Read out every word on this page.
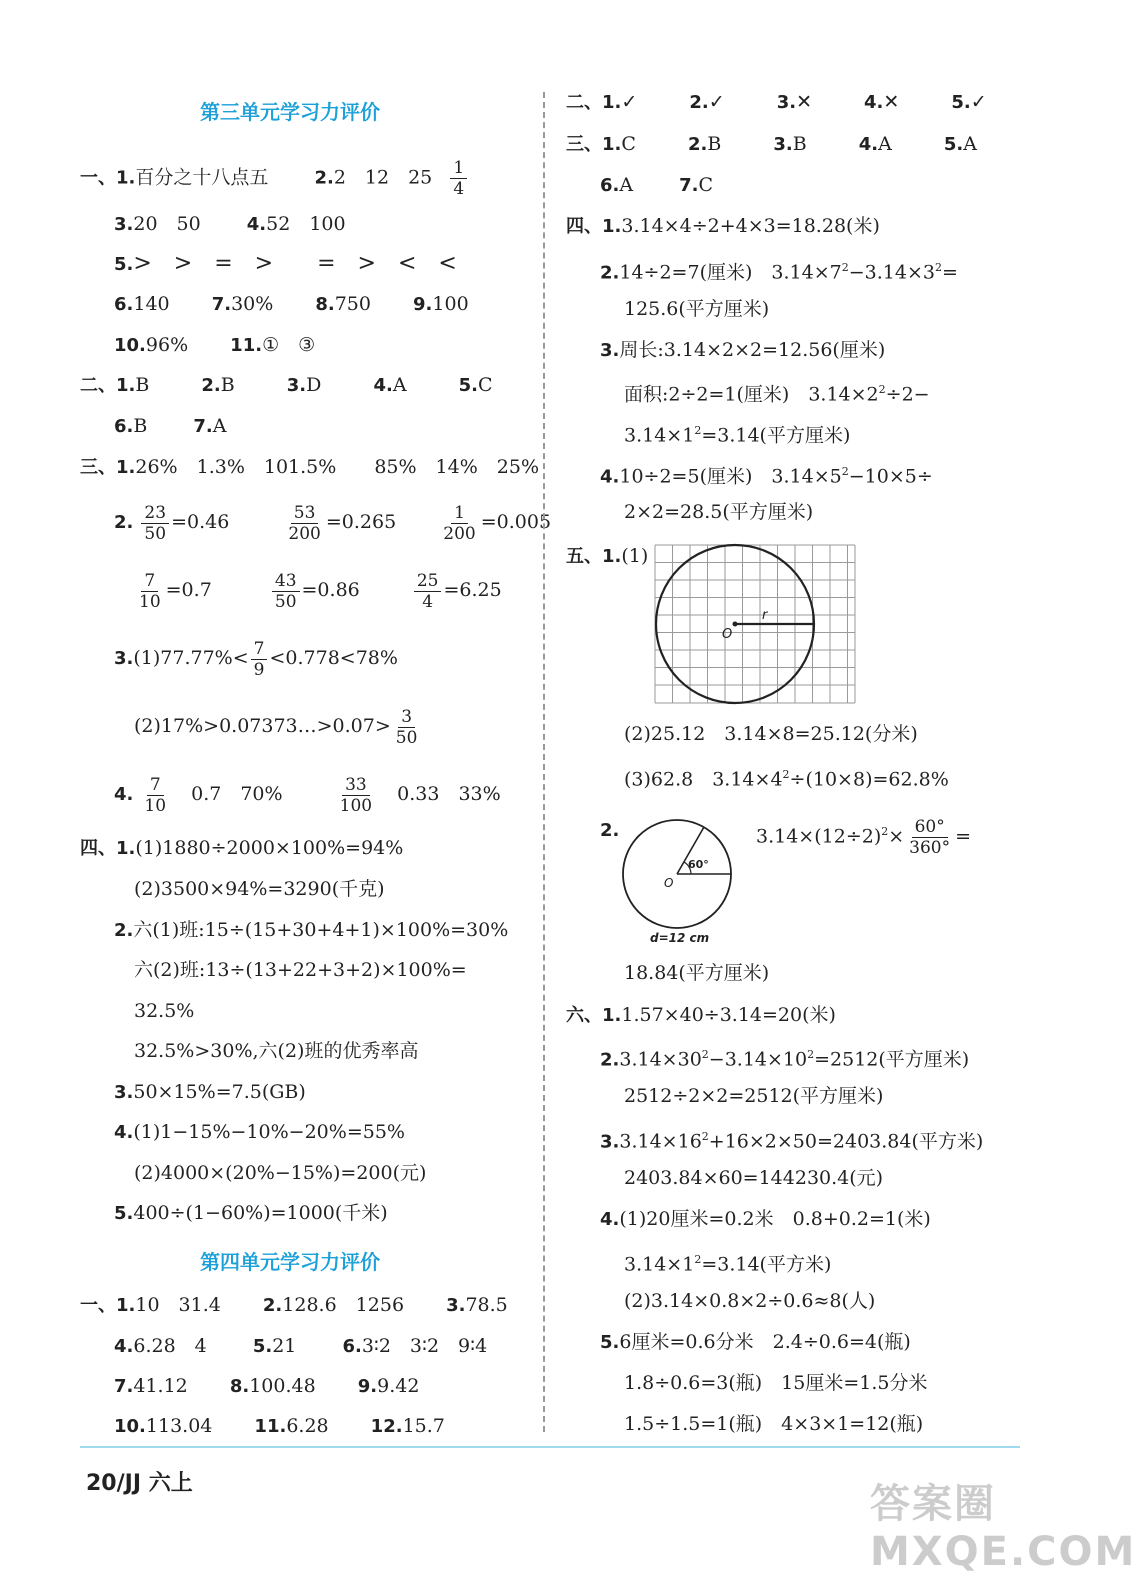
第三单元学习力评价
一、1.百分之十八点五	2.2　12　$25 \frac{1}{4}$
3.20　50	4.52　100
5.>　>　=　>　　=　>　<　<
6.140 7.30% 8.750 9.100
10.96% 11.①　③
二、1.B	2.B	3.D	4.A	5.C
6.B	7.A
三、1.26%　1.3%　101.5%　　85%　14%　25%
2. $\frac{23}{50} =0.46$	$\frac{53}{200} =0.265$	$\frac{1}{200} =0.005$
$\frac{7}{10} =0.7$	$\frac{43}{50} =0.86$	$\frac{25}{4} =6.25$
$3.(1)77.77\%< \frac{7}{9} <0.778<78\%$
(2)17%>0.07373…>0.07> $\frac{3}{50}$
4. $\frac{7}{10} 0.7$　70%	$\frac{33}{100} 0.33$　33%
四、1.(1)1880÷2000×100%=94%
(2)3500×94%=3290(千克)
2.六(1)班:15÷(15+30+4+1)×100%=30%
六(2)班:13÷(13+22+3+2)×100%=
32.5%
32.5%>30%,六(2)班的优秀率高
3.50×15%=7.5(GB)
4.(1)1−15%−10%−20%=55%
(2)4000×(20%−15%)=200(元)
5.400÷(1−60%)=1000(千米)
第四单元学习力评价
一、1.10　31.4 2.128.6　1256 3.78.5
4.6.28　4	5.21	6.3∶2　3∶2　9∶4
7.41.12 8.100.48 9.9.42
10.113.04 11.6.28 12.15.7
二、1.✓	2.✓	3.✕	4.✕	5.✓
三、1.C	2.B	3.B	4.A	5.A
6.A	7.C
四、1.3.14×4÷2+4×3=18.28(米)
2.14÷2=7(厘米)　$3.14\times 7^2-3.14\times 3^2=$
125.6(平方厘米)
3.周长:3.14×2×2=12.56(厘米)
面积:2÷2=1(厘米)　$3.14\times 2^2\div 2-$
$3.14\times 1^2=3.14$(平方厘米)
4.10÷2=5(厘米)　$3.14\times 5^2-10\times 5\div$
2×2=28.5(平方厘米)
五、1.(1)
O
r
(2)25.12　3.14×8=25.12(分米)
(3)62.8　$3.14\times 4^2\div(10\times 8)=62.8\%$
2.
O
60°
d=12 cm
$3.14\times(12\div 2)^2\times \frac{60^\circ}{360^\circ}$ =
18.84(平方厘米)
六、1.1.57×40÷3.14=20(米)
$2.3.14\times 30^2-3.14\times 10^2=2512$(平方厘米)
2512÷2×2=2512(平方厘米)
$3.3.14\times 16^2+16\times 2\times 50=2403.84$(平方米)
2403.84×60=144230.4(元)
4.(1)20厘米=0.2米　0.8+0.2=1(米)
$3.14\times 1^2=3.14$(平方米)
(2)3.14×0.8×2÷0.6≈8(人)
5.6厘米=0.6分米　2.4÷0.6=4(瓶)
1.8÷0.6=3(瓶)　15厘米=1.5分米
1.5÷1.5=1(瓶)　4×3×1=12(瓶)
20/JJ 六上	答案圈 MXQE.COM
